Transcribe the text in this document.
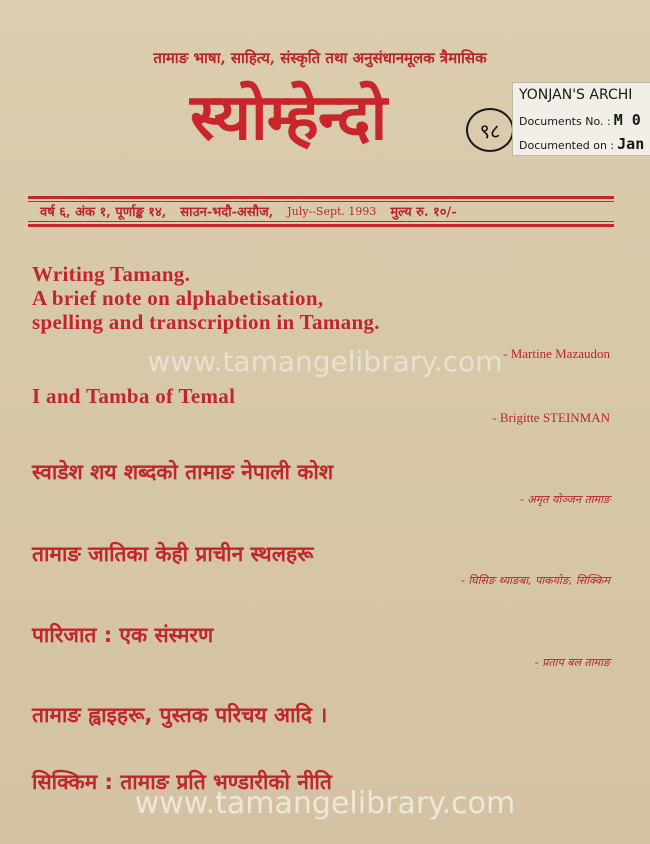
तामाङ भाषा, साहित्य, संस्कृति तथा अनुसंधानमूलक त्रैमासिक
स्योम्हेन्दो	९८
YONJAN'S ARCHI
Documents No. : M 0
Documented on : Jan
वर्ष ६, अंक १, पूर्णाङ्क १४, साउन-भदौ-असौज, July--Sept. 1993 मुल्य रु. १०/-
Writing Tamang.
A brief note on alphabetisation,
spelling and transcription in Tamang.
- Martine Mazaudon
www.tamangelibrary.com
I and Tamba of Temal
- Brigitte STEINMAN
स्वाडेश शय शब्दको तामाङ नेपाली कोश
- अमृत योञ्जन तामाङ
तामाङ जातिका केही प्राचीन स्थलहरू
- घिसिङ थ्याङबा, पाकयोङ, सिक्किम
पारिजात : एक संस्मरण
- प्रताप बल तामाङ
तामाङ ह्वाइहरू, पुस्तक परिचय आदि ।
सिक्किम : तामाङ प्रति भण्डारीको नीति
www.tamangelibrary.com
